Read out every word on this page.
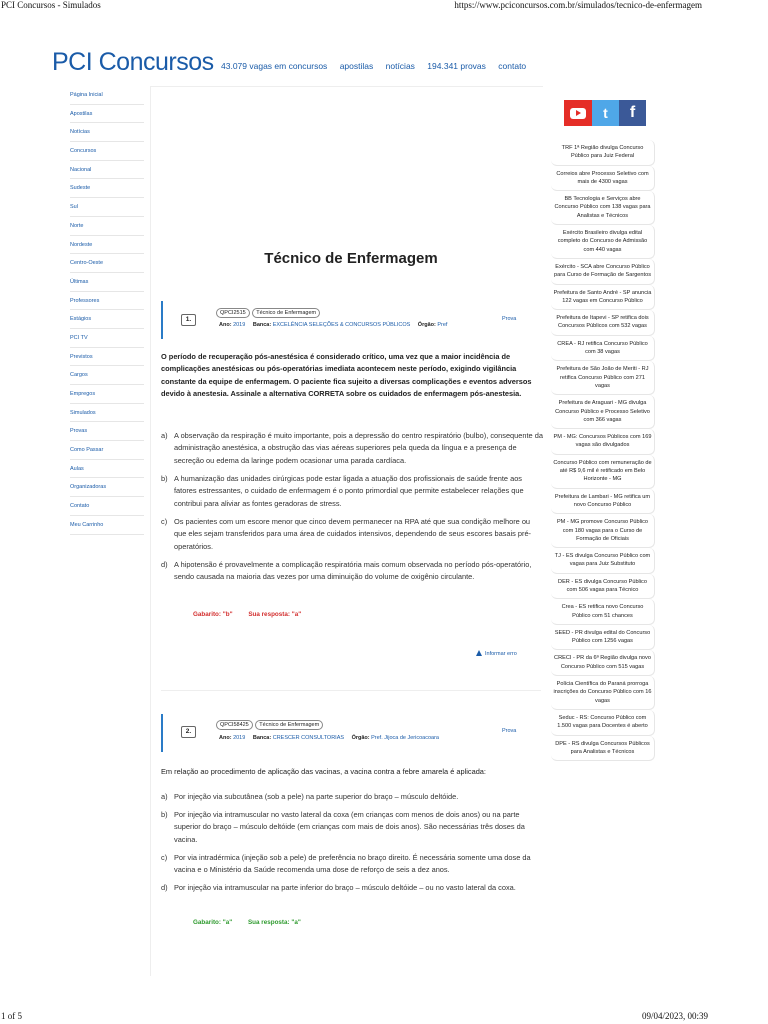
PCI Concursos - Simulados	https://www.pciconcursos.com.br/simulados/tecnico-de-enfermagem
1 of 5	09/04/2023, 00:39
PCI Concursos 43.079 vagas em concursos apostilas notícias 194.341 provas contato
Página Inicial
Apostilas
Notícias
Concursos
Nacional
Sudeste
Sul
Norte
Nordeste
Centro-Oeste
Últimas
Professores
Estágios
PCI TV
Previstos
Cargos
Empregos
Simulados
Provas
Como Passar
Aulas
Organizadoras
Contato
Meu Carrinho
Técnico de Enfermagem
1.
QPCI2515 Técnico de Enfermagem
Ano: 2019 Banca: EXCELÊNCIA SELEÇÕES & CONCURSOS PÚBLICOS Órgão: Pref
Prova

O período de recuperação pós-anestésica é considerado crítico, uma vez que a maior incidência de complicações anestésicas ou pós-operatórias imediata acontecem neste período, exigindo vigilância constante da equipe de enfermagem. O paciente fica sujeito a diversas complicações e eventos adversos devido à anestesia. Assinale a alternativa CORRETA sobre os cuidados de enfermagem pós-anestesia.

a) A observação da respiração é muito importante, pois a depressão do centro respiratório (bulbo), consequente da administração anestésica, a obstrução das vias aéreas superiores pela queda da língua e a presença de secreção ou edema da laringe podem ocasionar uma parada cardíaca.
b) A humanização das unidades cirúrgicas pode estar ligada a atuação dos profissionais de saúde frente aos fatores estressantes, o cuidado de enfermagem é o ponto primordial que permite estabelecer relações que contribui para aliviar as fontes geradoras de stress.
c) Os pacientes com um escore menor que cinco devem permanecer na RPA até que sua condição melhore ou que eles sejam transferidos para uma área de cuidados intensivos, dependendo de seus escores basais pré-operatórios.
d) A hipotensão é provavelmente a complicação respiratória mais comum observada no período pós-operatório, sendo causada na maioria das vezes por uma diminuição do volume de oxigênio circulante.
Gabarito: "b"	Sua resposta: "a"
Informar erro
2.
QPCI58425 Técnico de Enfermagem
Ano: 2019 Banca: CRESCER CONSULTORIAS Órgão: Pref. Jijoca de Jericoacoara
Prova

Em relação ao procedimento de aplicação das vacinas, a vacina contra a febre amarela é aplicada:

a) Por injeção via subcutânea (sob a pele) na parte superior do braço – músculo deltóide.
b) Por injeção via intramuscular no vasto lateral da coxa (em crianças com menos de dois anos) ou na parte superior do braço – músculo deltóide (em crianças com mais de dois anos). São necessárias três doses da vacina.
c) Por via intradérmica (injeção sob a pele) de preferência no braço direito. É necessária somente uma dose da vacina e o Ministério da Saúde recomenda uma dose de reforço de seis a dez anos.
d) Por injeção via intramuscular na parte inferior do braço – músculo deltóide – ou no vasto lateral da coxa.
Gabarito: "a"	Sua resposta: "a"
t	f
TRF 1ª Região divulga Concurso Público para Juiz Federal
Correios abre Processo Seletivo com mais de 4300 vagas
BB Tecnologia e Serviços abre Concurso Público com 138 vagas para Analistas e Técnicos
Exército Brasileiro divulga edital completo do Concurso de Admissão com 440 vagas
Exército - SCA abre Concurso Público para Curso de Formação de Sargentos
Prefeitura de Santo André - SP anuncia 122 vagas em Concurso Público
Prefeitura de Itapevi - SP retifica dois Concursos Públicos com 532 vagas
CREA - RJ retifica Concurso Público com 38 vagas
Prefeitura de São João de Meriti - RJ retifica Concurso Público com 271 vagas
Prefeitura de Araguari - MG divulga Concurso Público e Processo Seletivo com 366 vagas
PM - MG: Concursos Públicos com 169 vagas são divulgados
Concurso Público com remuneração de até R$ 9,6 mil é retificado em Belo Horizonte - MG
Prefeitura de Lambari - MG retifica um novo Concurso Público
PM - MG promove Concurso Público com 180 vagas para o Curso de Formação de Oficiais
TJ - ES divulga Concurso Público com vagas para Juiz Substituto
DER - ES divulga Concurso Público com 506 vagas para Técnico
Crea - ES retifica novo Concurso Público com 51 chances
SEED - PR divulga edital do Concurso Público com 1256 vagas
CRECI - PR da 6ª Região divulga novo Concurso Público com 515 vagas
Polícia Científica do Paraná prorroga inscrições do Concurso Público com 16 vagas
Seduc - RS: Concurso Público com 1.500 vagas para Docentes é aberto
DPE - RS divulga Concursos Públicos para Analistas e Técnicos
